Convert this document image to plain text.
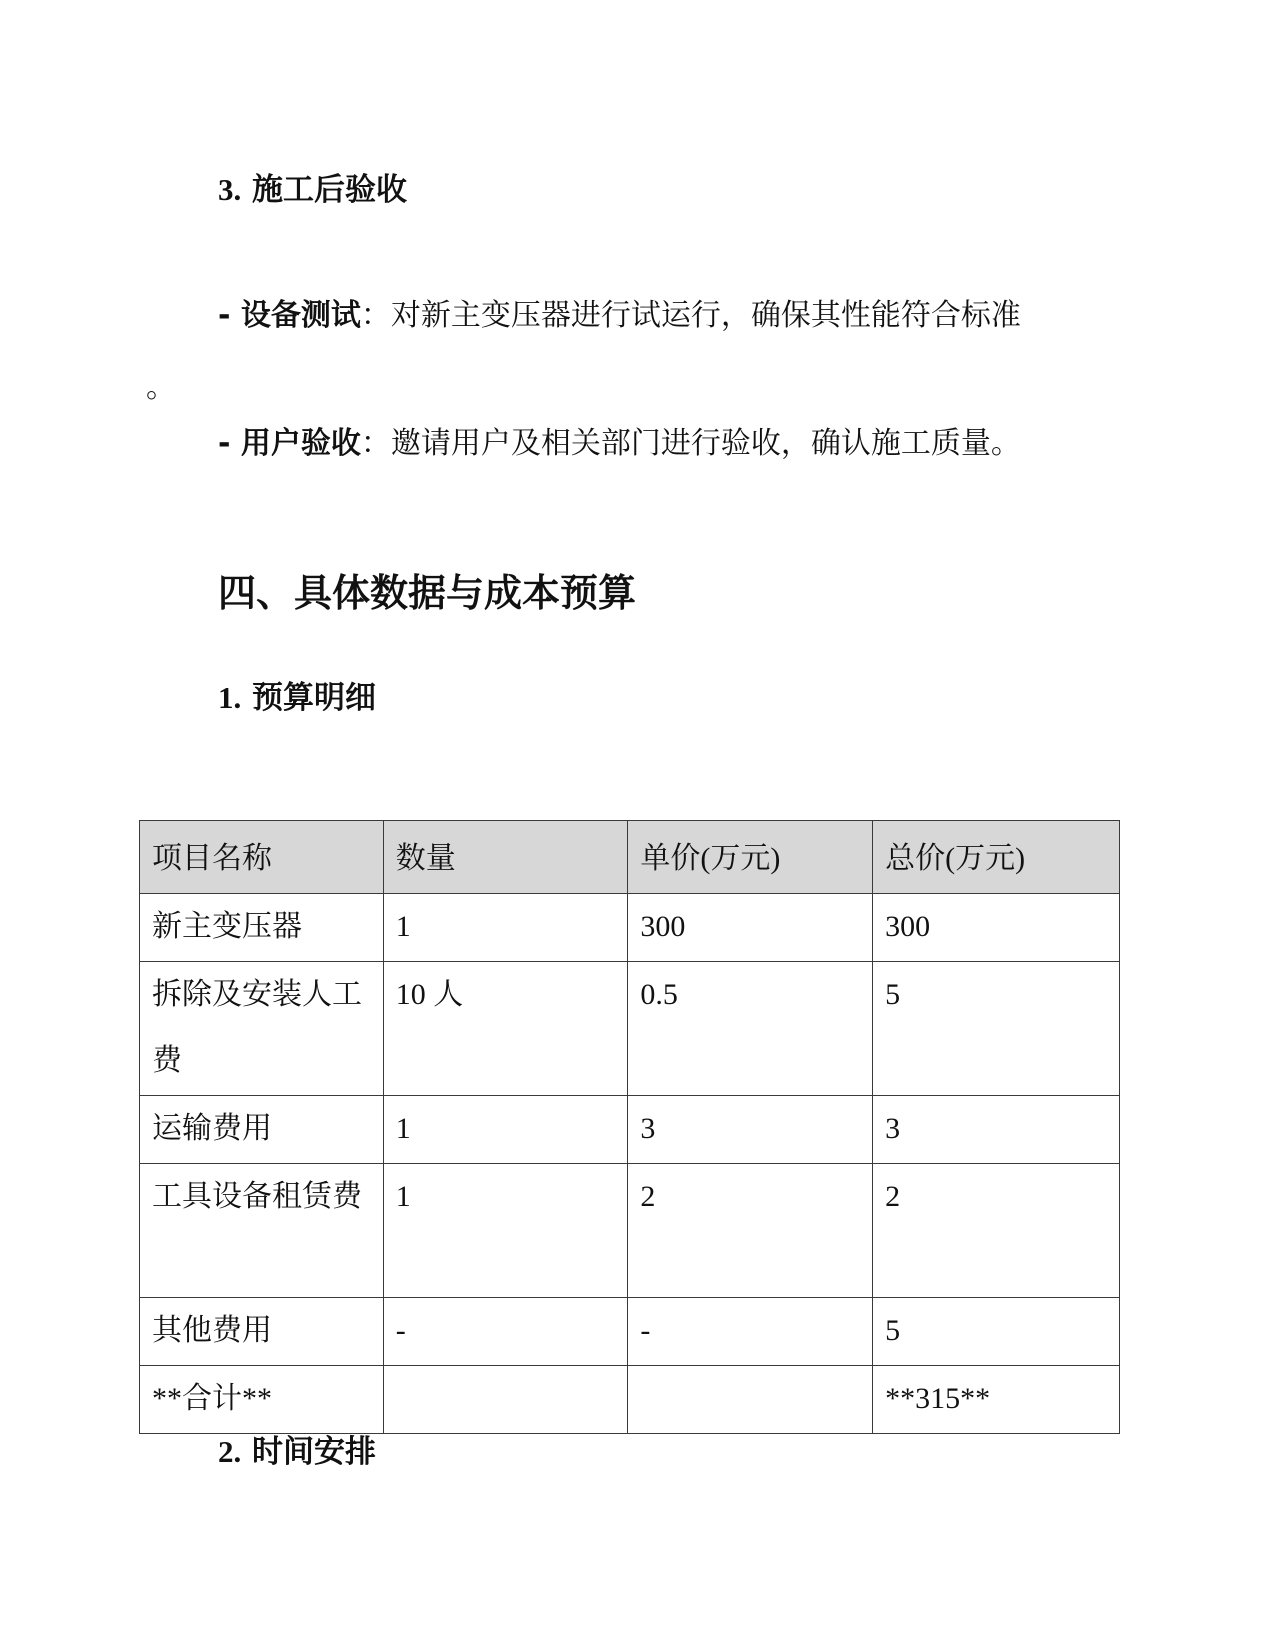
3. 施工后验收
- 设备测试：对新主变压器进行试运行，确保其性能符合标准
。
- 用户验收：邀请用户及相关部门进行验收，确认施工质量。
四、具体数据与成本预算
1. 预算明细
项目名称	数量	单价(万元)	总价(万元)
新主变压器	1	300	300
拆除及安装人工费	10 人	0.5	5
运输费用	1	3	3
工具设备租赁费	1	2	2
其他费用	-	-	5
**合计**			**315**
2. 时间安排
